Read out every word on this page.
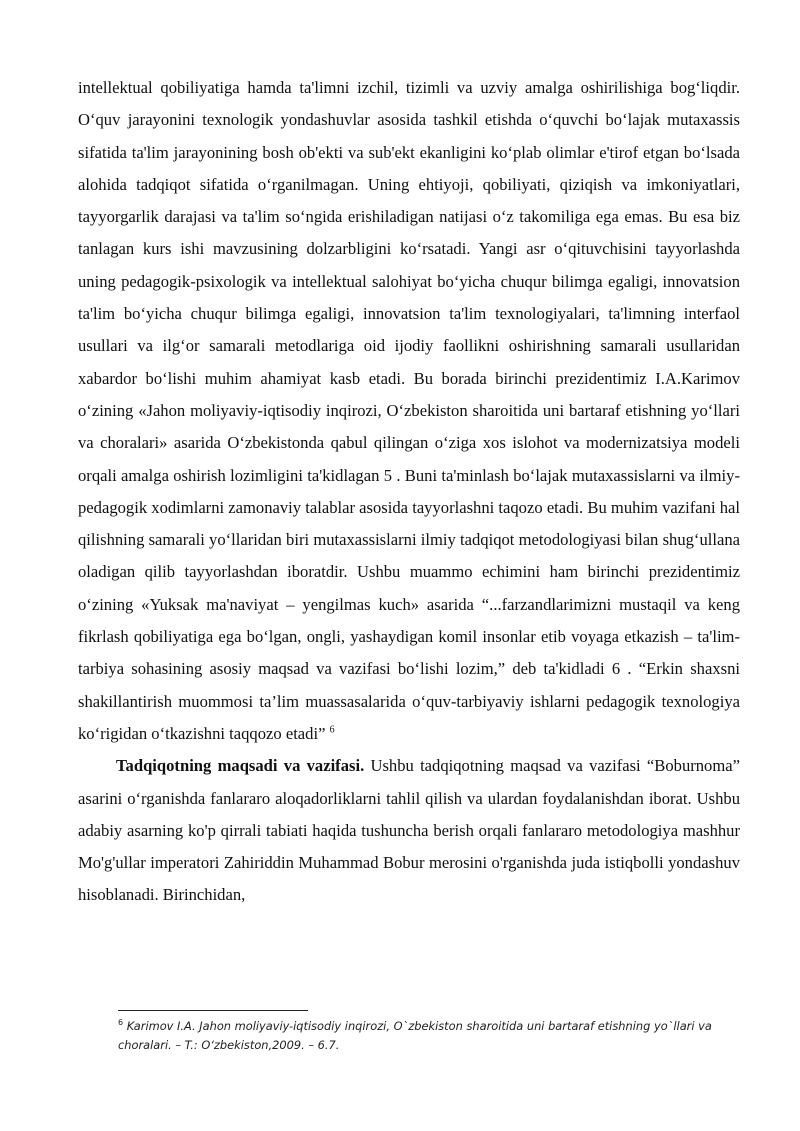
intellektual qobiliyatiga hamda ta'limni izchil, tizimli va uzviy amalga oshirilishiga bog‘liqdir. O‘quv jarayonini texnologik yondashuvlar asosida tashkil etishda o‘quvchi bo‘lajak mutaxassis sifatida ta'lim jarayonining bosh ob'ekti va sub'ekt ekanligini ko‘plab olimlar e'tirof etgan bo‘lsada alohida tadqiqot sifatida o‘rganilmagan. Uning ehtiyoji, qobiliyati, qiziqish va imkoniyatlari, tayyorgarlik darajasi va ta'lim so‘ngida erishiladigan natijasi o‘z takomiliga ega emas. Bu esa biz tanlagan kurs ishi mavzusining dolzarbligini ko‘rsatadi. Yangi asr o‘qituvchisini tayyorlashda uning pedagogik-psixologik va intellektual salohiyat bo‘yicha chuqur bilimga egaligi, innovatsion ta'lim bo‘yicha chuqur bilimga egaligi, innovatsion ta'lim texnologiyalari, ta'limning interfaol usullari va ilg‘or samarali metodlariga oid ijodiy faollikni oshirishning samarali usullaridan xabardor bo‘lishi muhim ahamiyat kasb etadi. Bu borada birinchi prezidentimiz I.A.Karimov o‘zining «Jahon moliyaviy-iqtisodiy inqirozi, O‘zbekiston sharoitida uni bartaraf etishning yo‘llari va choralari» asarida O‘zbekistonda qabul qilingan o‘ziga xos islohot va modernizatsiya modeli orqali amalga oshirish lozimligini ta'kidlagan 5 . Buni ta'minlash bo‘lajak mutaxassislarni va ilmiy-pedagogik xodimlarni zamonaviy talablar asosida tayyorlashni taqozo etadi. Bu muhim vazifani hal qilishning samarali yo‘llaridan biri mutaxassislarni ilmiy tadqiqot metodologiyasi bilan shug‘ullana oladigan qilib tayyorlashdan iboratdir. Ushbu muammo echimini ham birinchi prezidentimiz o‘zining «Yuksak ma'naviyat – yengilmas kuch» asarida “...farzandlarimizni mustaqil va keng fikrlash qobiliyatiga ega bo‘lgan, ongli, yashaydigan komil insonlar etib voyaga etkazish – ta'lim-tarbiya sohasining asosiy maqsad va vazifasi bo‘lishi lozim,” deb ta'kidladi 6 . “Erkin shaxsni shakillantirish muommosi ta’lim muassasalarida o‘quv-tarbiyaviy ishlarni pedagogik texnologiya ko‘rigidan o‘tkazishni taqqozo etadi” $^6$

Tadqiqotning maqsadi va vazifasi. Ushbu tadqiqotning maqsad va vazifasi “Boburnoma” asarini o‘rganishda fanlararo aloqadorliklarni tahlil qilish va ulardan foydalanishdan iborat. Ushbu adabiy asarning ko'p qirrali tabiati haqida tushuncha berish orqali fanlararo metodologiya mashhur Mo'g'ullar imperatori Zahiriddin Muhammad Bobur merosini o'rganishda juda istiqbolli yondashuv hisoblanadi. Birinchidan,

$^6$ Karimov I.A. Jahon moliyaviy-iqtisodiy inqirozi, O`zbekiston sharoitida uni bartaraf etishning yo`llari va choralari. – T.: O‘zbekiston,2009. – 6.7.
